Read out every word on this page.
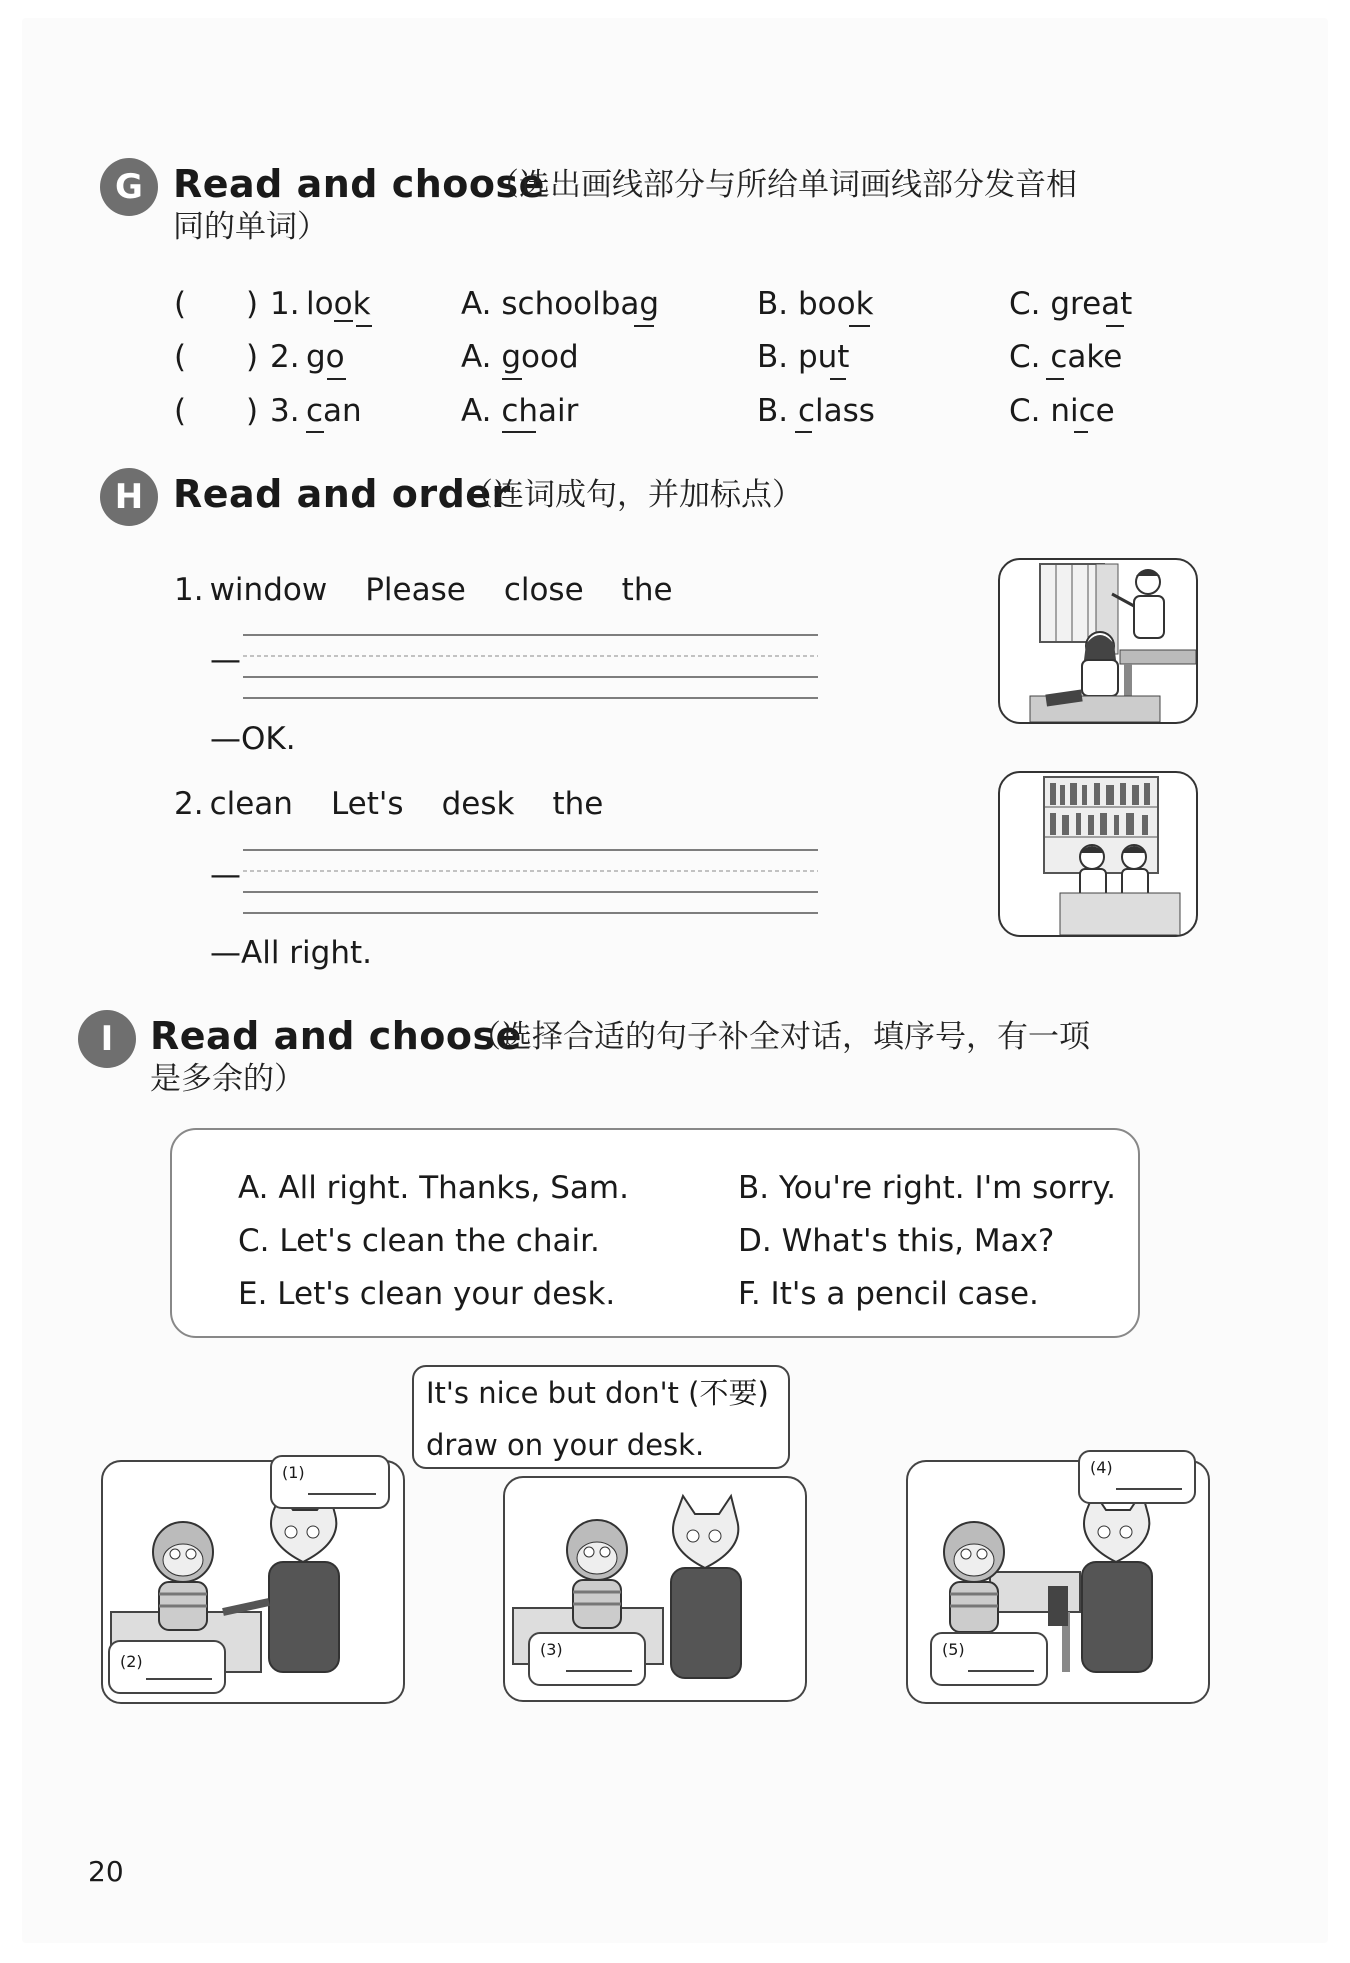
G Read and choose
（选出画线部分与所给单词画线部分发音相
同的单词）
( ) 1. look	A. schoolbag	B. book	C. great
( ) 2. go	A. good	B. put	C. cake
( ) 3. can	A. chair	B. class	C. nice
H Read and order
（连词成句，并加标点）
1. window Please close the
—
—OK.
2. clean Let's desk the
—
—All right.
I Read and choose
（选择合适的句子补全对话，填序号，有一项
是多余的）
A. All right. Thanks, Sam.	B. You're right. I'm sorry.
C. Let's clean the chair.	D. What's this, Max?
E. Let's clean your desk.	F. It's a pencil case.
(1)
(2)
It's nice but don't (不要)
draw on your desk.
(3)
(4)
(5)
20
